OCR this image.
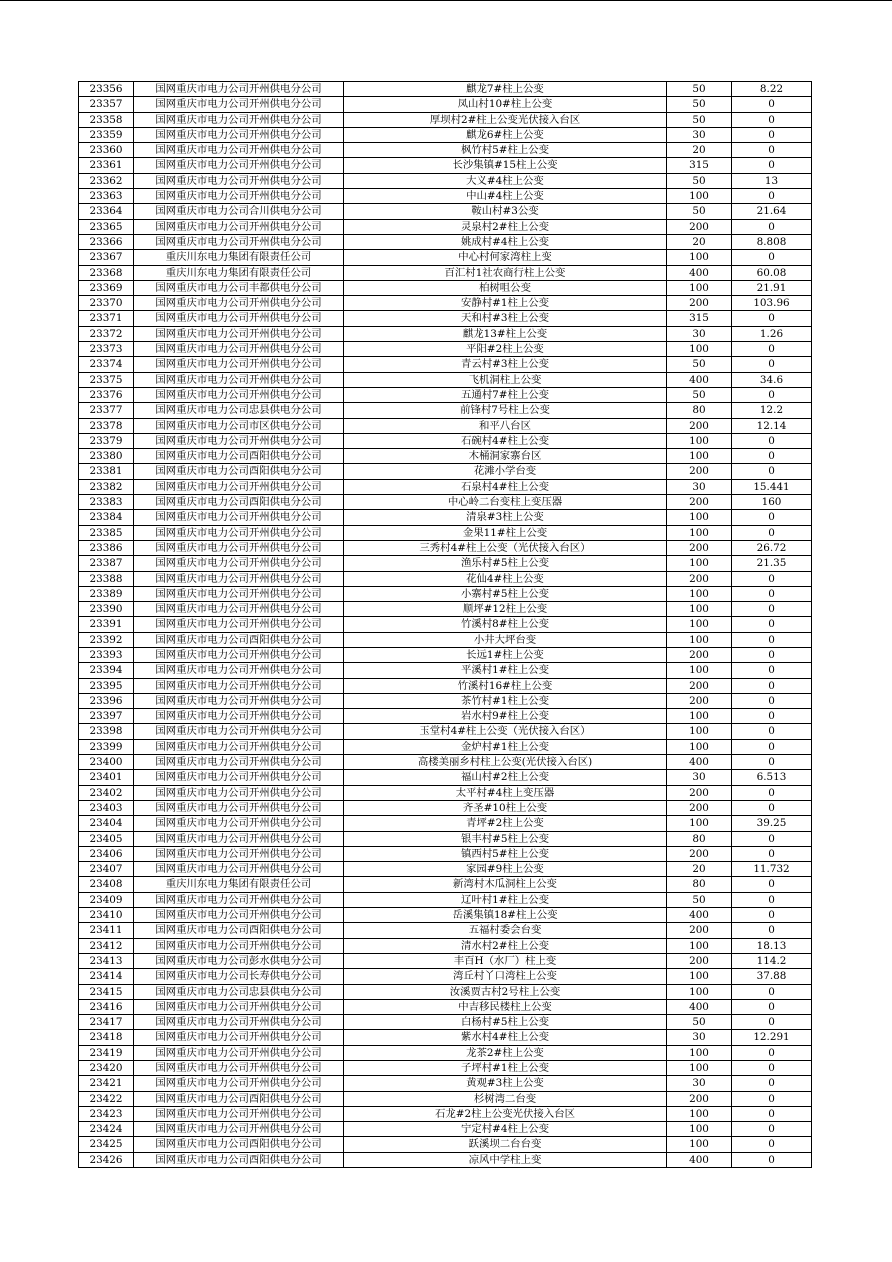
23356	国网重庆市电力公司开州供电分公司	麒龙7#柱上公变	50	8.22
23357	国网重庆市电力公司开州供电分公司	凤山村10#柱上公变	50	0
23358	国网重庆市电力公司开州供电分公司	厚坝村2#柱上公变光伏接入台区	50	0
23359	国网重庆市电力公司开州供电分公司	麒龙6#柱上公变	30	0
23360	国网重庆市电力公司开州供电分公司	枫竹村5#柱上公变	20	0
23361	国网重庆市电力公司开州供电分公司	长沙集镇#15柱上公变	315	0
23362	国网重庆市电力公司开州供电分公司	大义#4柱上公变	50	13
23363	国网重庆市电力公司开州供电分公司	中山#4柱上公变	100	0
23364	国网重庆市电力公司合川供电分公司	鞍山村#3公变	50	21.64
23365	国网重庆市电力公司开州供电分公司	灵泉村2#柱上公变	200	0
23366	国网重庆市电力公司开州供电分公司	姚成村#4柱上公变	20	8.808
23367	重庆川东电力集团有限责任公司	中心村何家湾柱上变	100	0
23368	重庆川东电力集团有限责任公司	百汇村1社农商行柱上公变	400	60.08
23369	国网重庆市电力公司丰都供电分公司	柏树咀公变	100	21.91
23370	国网重庆市电力公司开州供电分公司	安静村#1柱上公变	200	103.96
23371	国网重庆市电力公司开州供电分公司	天和村#3柱上公变	315	0
23372	国网重庆市电力公司开州供电分公司	麒龙13#柱上公变	30	1.26
23373	国网重庆市电力公司开州供电分公司	平阳#2柱上公变	100	0
23374	国网重庆市电力公司开州供电分公司	青云村#3柱上公变	50	0
23375	国网重庆市电力公司开州供电分公司	飞机洞柱上公变	400	34.6
23376	国网重庆市电力公司开州供电分公司	五通村7#柱上公变	50	0
23377	国网重庆市电力公司忠县供电分公司	前锋村7号柱上公变	80	12.2
23378	国网重庆市电力公司市区供电分公司	和平八台区	200	12.14
23379	国网重庆市电力公司开州供电分公司	石碗村4#柱上公变	100	0
23380	国网重庆市电力公司酉阳供电分公司	木桶洞家寨台区	100	0
23381	国网重庆市电力公司酉阳供电分公司	花滩小学台变	200	0
23382	国网重庆市电力公司开州供电分公司	石泉村4#柱上公变	30	15.441
23383	国网重庆市电力公司酉阳供电分公司	中心岭二台变柱上变压器	200	160
23384	国网重庆市电力公司开州供电分公司	清泉#3柱上公变	100	0
23385	国网重庆市电力公司开州供电分公司	金果11#柱上公变	100	0
23386	国网重庆市电力公司开州供电分公司	三秀村4#柱上公变（光伏接入台区）	200	26.72
23387	国网重庆市电力公司开州供电分公司	渔乐村#5柱上公变	100	21.35
23388	国网重庆市电力公司开州供电分公司	花仙4#柱上公变	200	0
23389	国网重庆市电力公司开州供电分公司	小寨村#5柱上公变	100	0
23390	国网重庆市电力公司开州供电分公司	顺坪#12柱上公变	100	0
23391	国网重庆市电力公司开州供电分公司	竹溪村8#柱上公变	100	0
23392	国网重庆市电力公司酉阳供电分公司	小井大坪台变	100	0
23393	国网重庆市电力公司开州供电分公司	长远1#柱上公变	200	0
23394	国网重庆市电力公司开州供电分公司	平溪村1#柱上公变	100	0
23395	国网重庆市电力公司开州供电分公司	竹溪村16#柱上公变	200	0
23396	国网重庆市电力公司开州供电分公司	茶竹村#1柱上公变	200	0
23397	国网重庆市电力公司开州供电分公司	岩水村9#柱上公变	100	0
23398	国网重庆市电力公司开州供电分公司	玉堂村4#柱上公变（光伏接入台区）	100	0
23399	国网重庆市电力公司开州供电分公司	金炉村#1柱上公变	100	0
23400	国网重庆市电力公司开州供电分公司	高楼美丽乡村柱上公变(光伏接入台区)	400	0
23401	国网重庆市电力公司开州供电分公司	福山村#2柱上公变	30	6.513
23402	国网重庆市电力公司开州供电分公司	太平村#4柱上变压器	200	0
23403	国网重庆市电力公司开州供电分公司	齐圣#10柱上公变	200	0
23404	国网重庆市电力公司开州供电分公司	青坪#2柱上公变	100	39.25
23405	国网重庆市电力公司开州供电分公司	银丰村#5柱上公变	80	0
23406	国网重庆市电力公司开州供电分公司	镇西村5#柱上公变	200	0
23407	国网重庆市电力公司开州供电分公司	家园#9柱上公变	20	11.732
23408	重庆川东电力集团有限责任公司	新湾村木瓜洞柱上公变	80	0
23409	国网重庆市电力公司开州供电分公司	辽叶村1#柱上公变	50	0
23410	国网重庆市电力公司开州供电分公司	岳溪集镇18#柱上公变	400	0
23411	国网重庆市电力公司酉阳供电分公司	五福村委会台变	200	0
23412	国网重庆市电力公司开州供电分公司	清水村2#柱上公变	100	18.13
23413	国网重庆市电力公司彭水供电分公司	丰百H（水厂）柱上变	200	114.2
23414	国网重庆市电力公司长寿供电分公司	湾丘村丫口湾柱上公变	100	37.88
23415	国网重庆市电力公司忠县供电分公司	汝溪贾古村2号柱上公变	100	0
23416	国网重庆市电力公司开州供电分公司	中吉移民楼柱上公变	400	0
23417	国网重庆市电力公司开州供电分公司	白杨村#5柱上公变	50	0
23418	国网重庆市电力公司开州供电分公司	紫水村4#柱上公变	30	12.291
23419	国网重庆市电力公司开州供电分公司	龙茶2#柱上公变	100	0
23420	国网重庆市电力公司开州供电分公司	子坪村#1柱上公变	100	0
23421	国网重庆市电力公司开州供电分公司	黄观#3柱上公变	30	0
23422	国网重庆市电力公司酉阳供电分公司	杉树湾二台变	200	0
23423	国网重庆市电力公司开州供电分公司	石龙#2柱上公变光伏接入台区	100	0
23424	国网重庆市电力公司开州供电分公司	宁定村#4柱上公变	100	0
23425	国网重庆市电力公司酉阳供电分公司	跃溪坝二台台变	100	0
23426	国网重庆市电力公司酉阳供电分公司	凉风中学柱上变	400	0
